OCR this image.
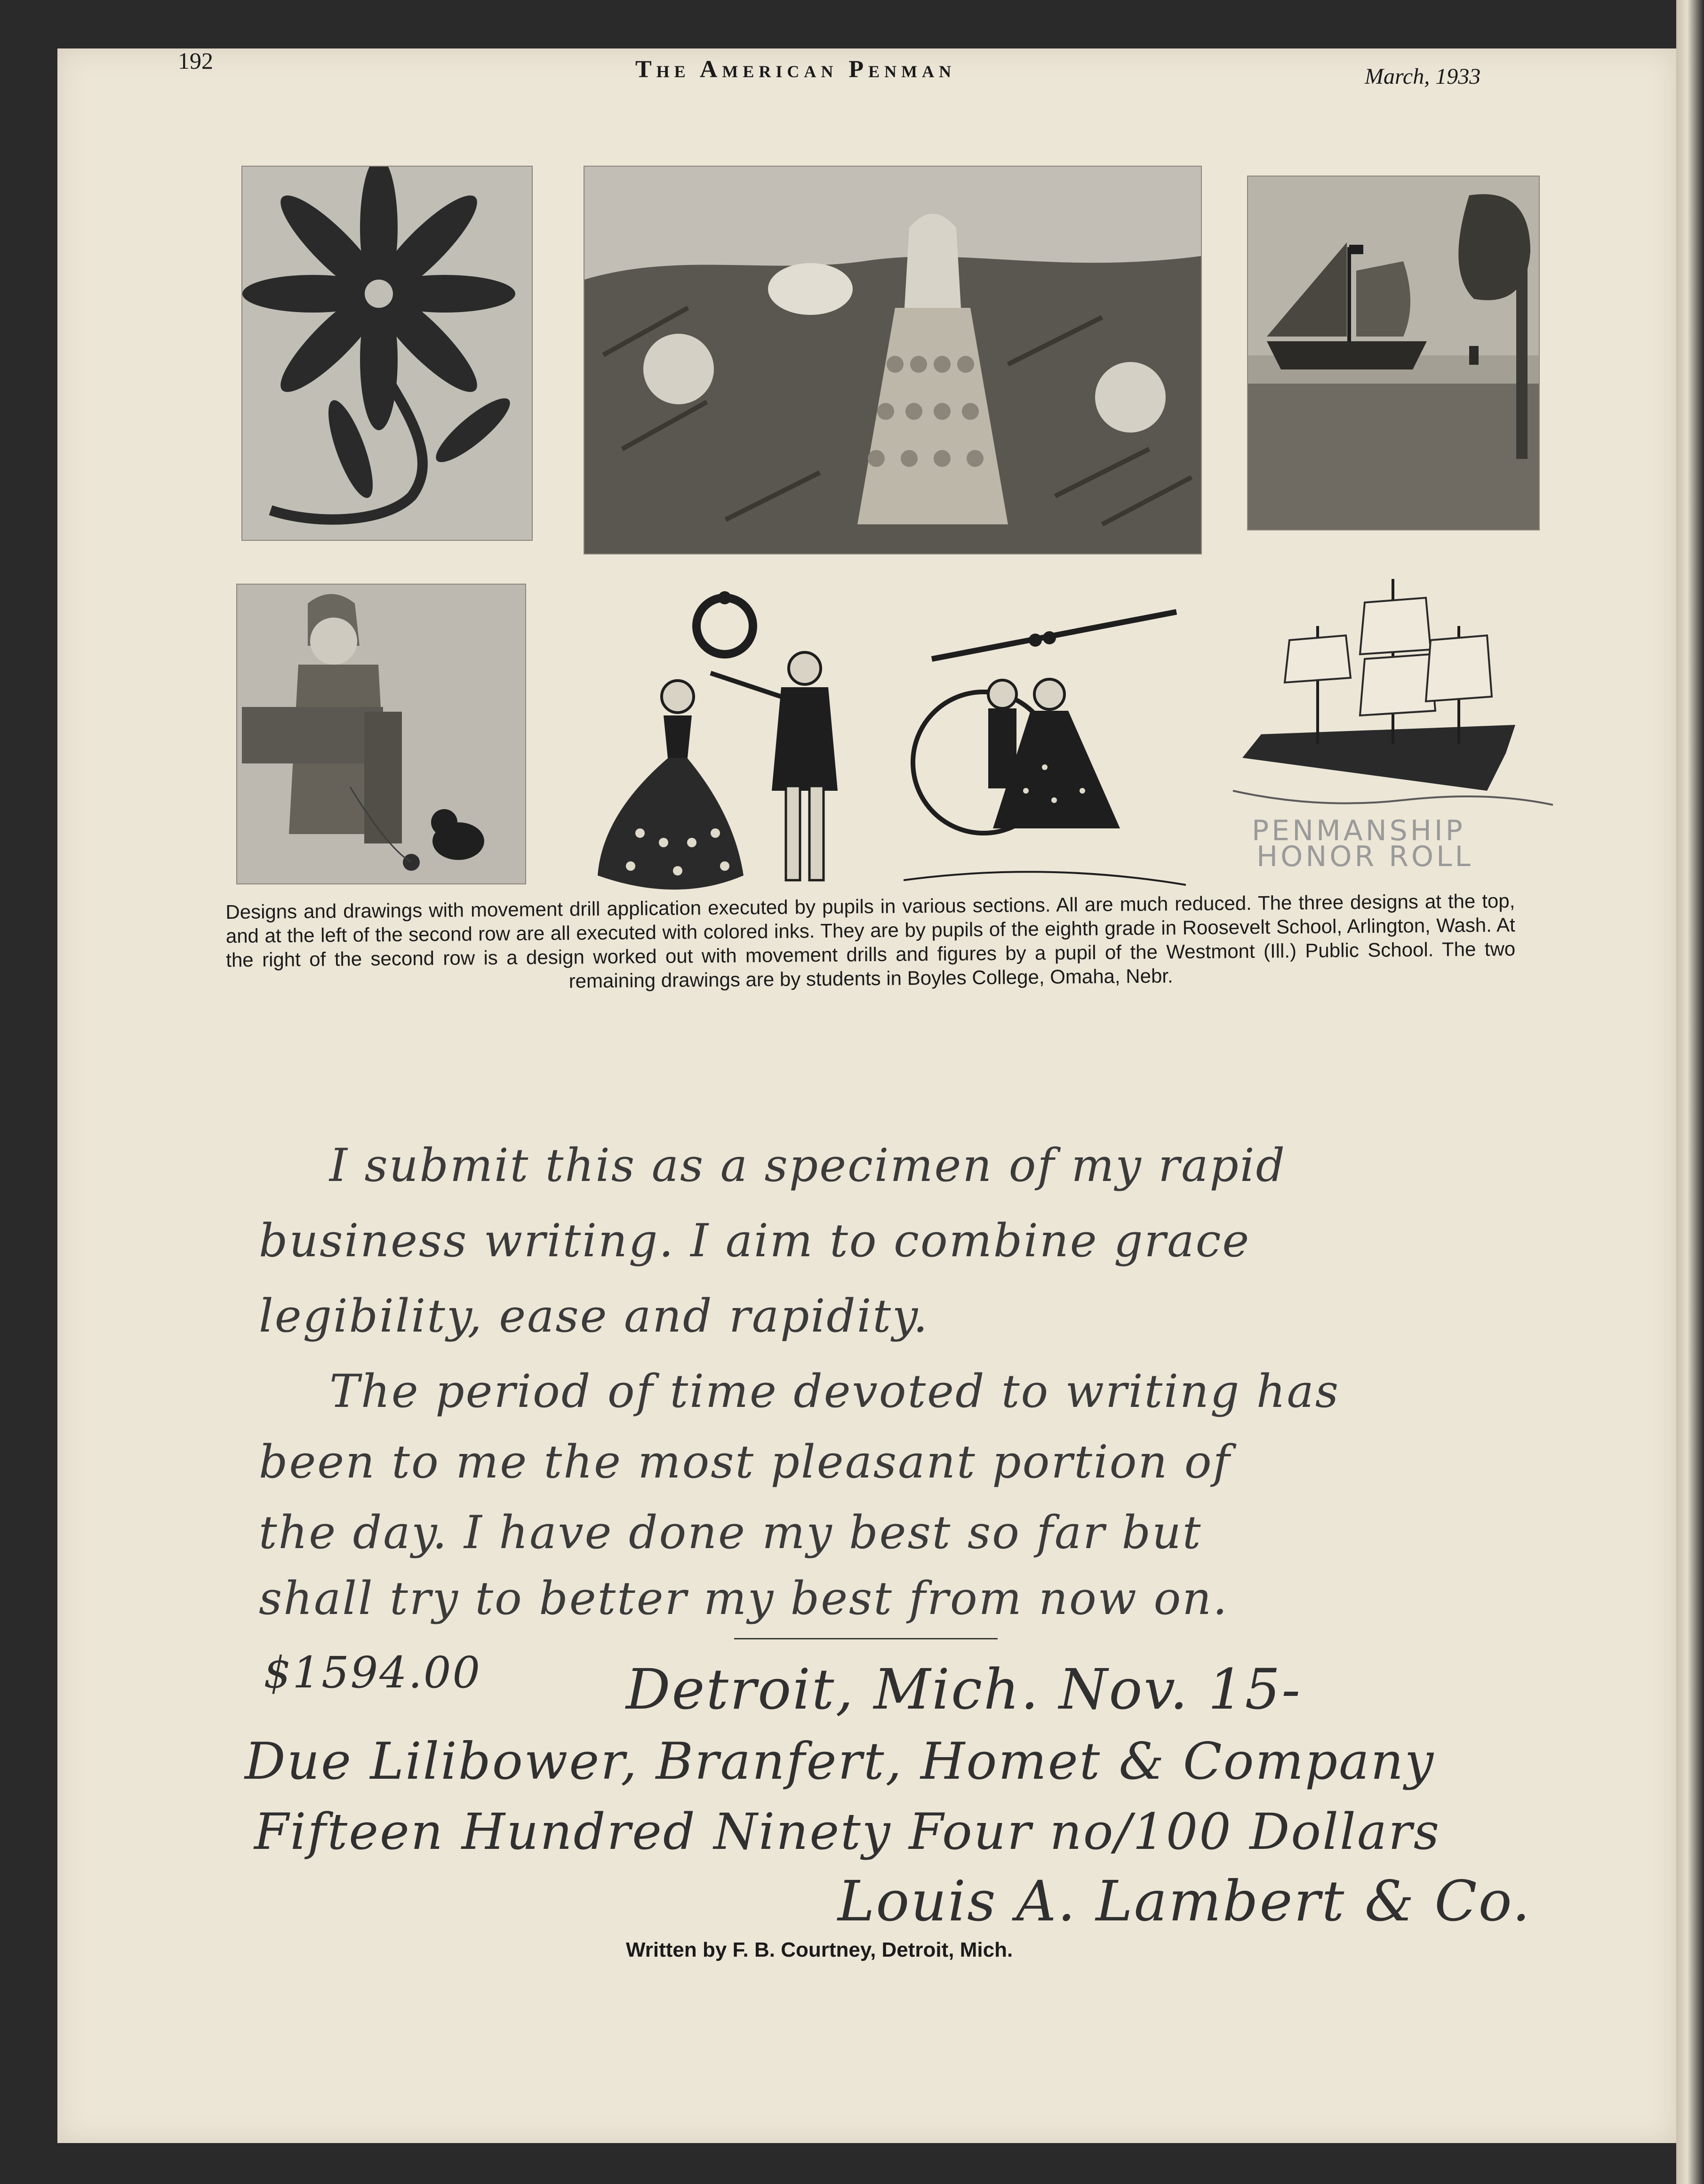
192	The American Penman	March, 1933
PENMANSHIP
HONOR ROLL
Designs and drawings with movement drill application executed by pupils in various sections. All are much reduced. The three designs at the top, and at the left of the second row are all executed with colored inks. They are by pupils of the eighth grade in Roosevelt School, Arlington, Wash. At the right of the second row is a design worked out with movement drills and figures by a pupil of the Westmont (Ill.) Public School. The two remaining drawings are by students in Boyles College, Omaha, Nebr.
I submit this as a specimen of my rapid
business writing. I aim to combine grace
legibility, ease and rapidity.
The period of time devoted to writing has
been to me the most pleasant portion of
the day. I have done my best so far but
shall try to better my best from now on.
$1594.00	Detroit, Mich. Nov. 15-
Due Lilibower, Branfert, Homet & Company
Fifteen Hundred Ninety Four no/100 Dollars
Louis A. Lambert & Co.
Written by F. B. Courtney, Detroit, Mich.
